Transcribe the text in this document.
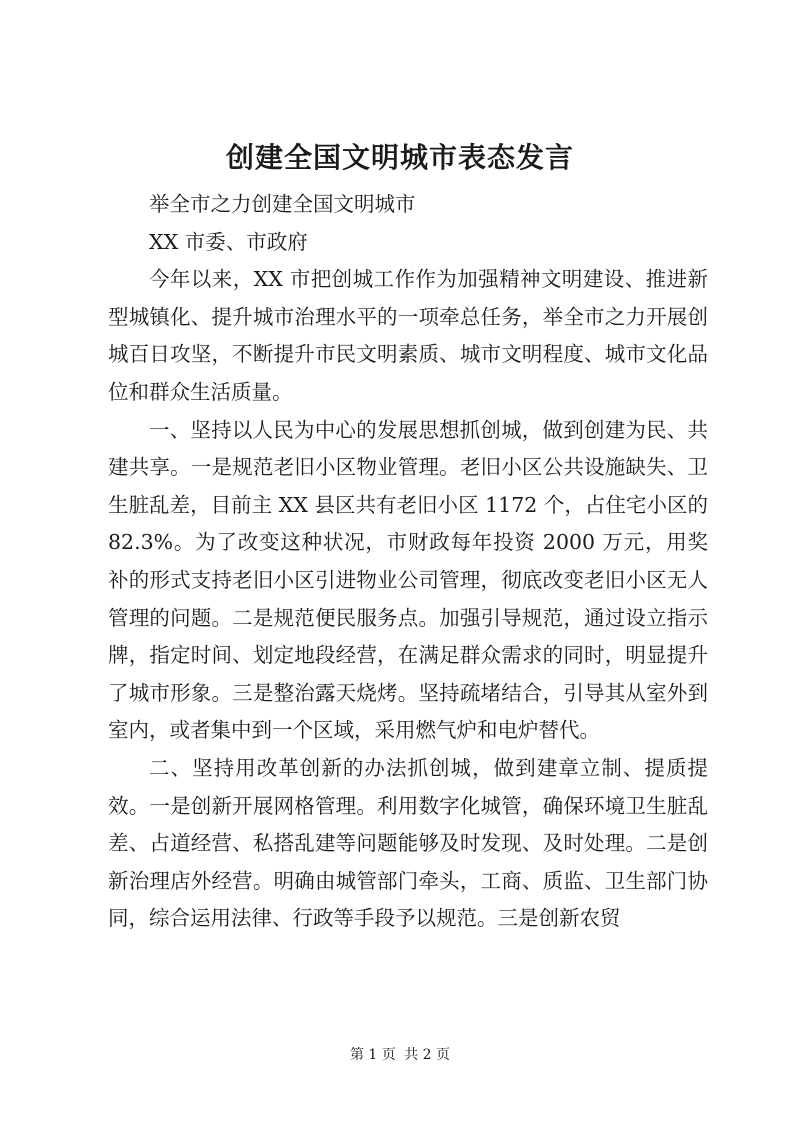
创建全国文明城市表态发言

举全市之力创建全国文明城市

XX 市委、市政府

今年以来，XX 市把创城工作作为加强精神文明建设、推进新型城镇化、提升城市治理水平的一项牵总任务，举全市之力开展创城百日攻坚，不断提升市民文明素质、城市文明程度、城市文化品位和群众生活质量。

一、坚持以人民为中心的发展思想抓创城，做到创建为民、共建共享。一是规范老旧小区物业管理。老旧小区公共设施缺失、卫生脏乱差，目前主 XX 县区共有老旧小区 1172 个，占住宅小区的 82.3%。为了改变这种状况，市财政每年投资 2000 万元，用奖补的形式支持老旧小区引进物业公司管理，彻底改变老旧小区无人管理的问题。二是规范便民服务点。加强引导规范，通过设立指示牌，指定时间、划定地段经营，在满足群众需求的同时，明显提升了城市形象。三是整治露天烧烤。坚持疏堵结合，引导其从室外到室内，或者集中到一个区域，采用燃气炉和电炉替代。

二、坚持用改革创新的办法抓创城，做到建章立制、提质提效。一是创新开展网格管理。利用数字化城管，确保环境卫生脏乱差、占道经营、私搭乱建等问题能够及时发现、及时处理。二是创新治理店外经营。明确由城管部门牵头，工商、质监、卫生部门协同，综合运用法律、行政等手段予以规范。三是创新农贸

第 1 页 共 2 页
